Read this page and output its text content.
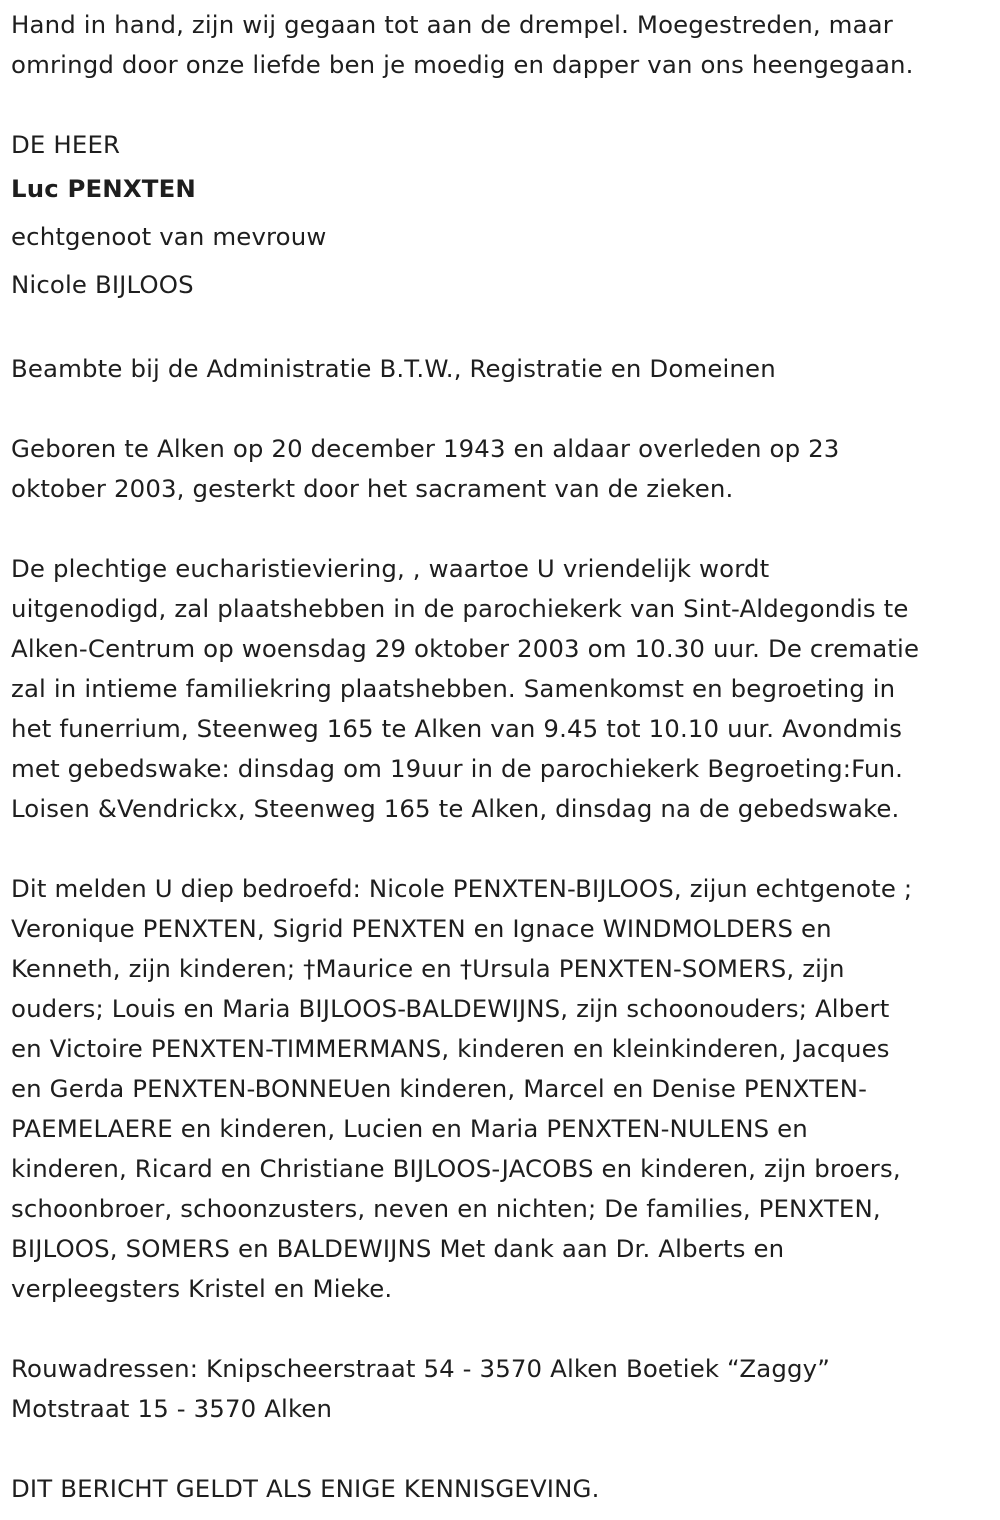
Hand in hand, zijn wij gegaan tot aan de drempel. Moegestreden, maar
omringd door onze liefde ben je moedig en dapper van ons heengegaan.

DE HEER
Luc PENXTEN
echtgenoot van mevrouw
Nicole BIJLOOS

Beambte bij de Administratie B.T.W., Registratie en Domeinen

Geboren te Alken op 20 december 1943 en aldaar overleden op 23
oktober 2003, gesterkt door het sacrament van de zieken.

De plechtige eucharistieviering, , waartoe U vriendelijk wordt
uitgenodigd, zal plaatshebben in de parochiekerk van Sint-Aldegondis te
Alken-Centrum op woensdag 29 oktober 2003 om 10.30 uur. De crematie
zal in intieme familiekring plaatshebben. Samenkomst en begroeting in
het funerrium, Steenweg 165 te Alken van 9.45 tot 10.10 uur. Avondmis
met gebedswake: dinsdag om 19uur in de parochiekerk Begroeting:Fun.
Loisen &Vendrickx, Steenweg 165 te Alken, dinsdag na de gebedswake.

Dit melden U diep bedroefd: Nicole PENXTEN-BIJLOOS, zijun echtgenote ;
Veronique PENXTEN, Sigrid PENXTEN en Ignace WINDMOLDERS en
Kenneth, zijn kinderen; †Maurice en †Ursula PENXTEN-SOMERS, zijn
ouders; Louis en Maria BIJLOOS-BALDEWIJNS, zijn schoonouders; Albert
en Victoire PENXTEN-TIMMERMANS, kinderen en kleinkinderen, Jacques
en Gerda PENXTEN-BONNEUen kinderen, Marcel en Denise PENXTEN-
PAEMELAERE en kinderen, Lucien en Maria PENXTEN-NULENS en
kinderen, Ricard en Christiane BIJLOOS-JACOBS en kinderen, zijn broers,
schoonbroer, schoonzusters, neven en nichten; De families, PENXTEN,
BIJLOOS, SOMERS en BALDEWIJNS Met dank aan Dr. Alberts en
verpleegsters Kristel en Mieke.

Rouwadressen: Knipscheerstraat 54 - 3570 Alken Boetiek “Zaggy”
Motstraat 15 - 3570 Alken

DIT BERICHT GELDT ALS ENIGE KENNISGEVING.
